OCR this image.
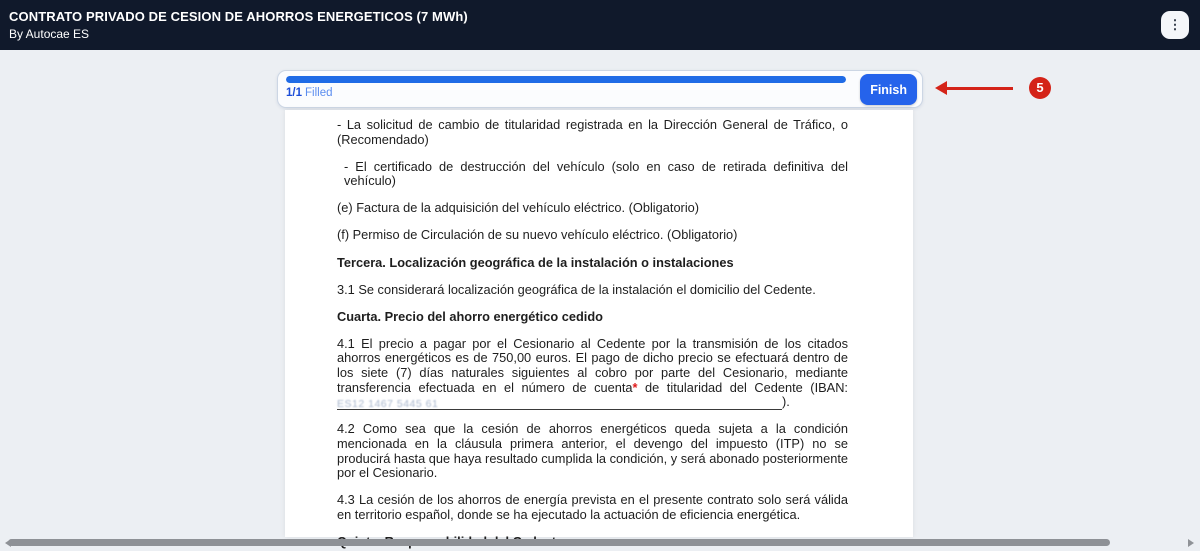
CONTRATO PRIVADO DE CESION DE AHORROS ENERGETICOS (7 MWh)
By Autocae ES
⋮
1/1 Filled	Finish	5

- La solicitud de cambio de titularidad registrada en la Dirección General de Tráfico, o (Recomendado)

- El certificado de destrucción del vehículo (solo en caso de retirada definitiva del vehículo)

(e) Factura de la adquisición del vehículo eléctrico. (Obligatorio)

(f) Permiso de Circulación de su nuevo vehículo eléctrico. (Obligatorio)

Tercera. Localización geográfica de la instalación o instalaciones

3.1 Se considerará localización geográfica de la instalación el domicilio del Cedente.

Cuarta. Precio del ahorro energético cedido

4.1 El precio a pagar por el Cesionario al Cedente por la transmisión de los citados ahorros energéticos es de 750,00 euros. El pago de dicho precio se efectuará dentro de los siete (7) días naturales siguientes al cobro por parte del Cesionario, mediante transferencia efectuada en el número de cuenta* de titularidad del Cedente (IBAN: ES12 1467 5445 61	).

4.2 Como sea que la cesión de ahorros energéticos queda sujeta a la condición mencionada en la cláusula primera anterior, el devengo del impuesto (ITP) no se producirá hasta que haya resultado cumplida la condición, y será abonado posteriormente por el Cesionario.

4.3 La cesión de los ahorros de energía prevista en el presente contrato solo será válida en territorio español, donde se ha ejecutado la actuación de eficiencia energética.
